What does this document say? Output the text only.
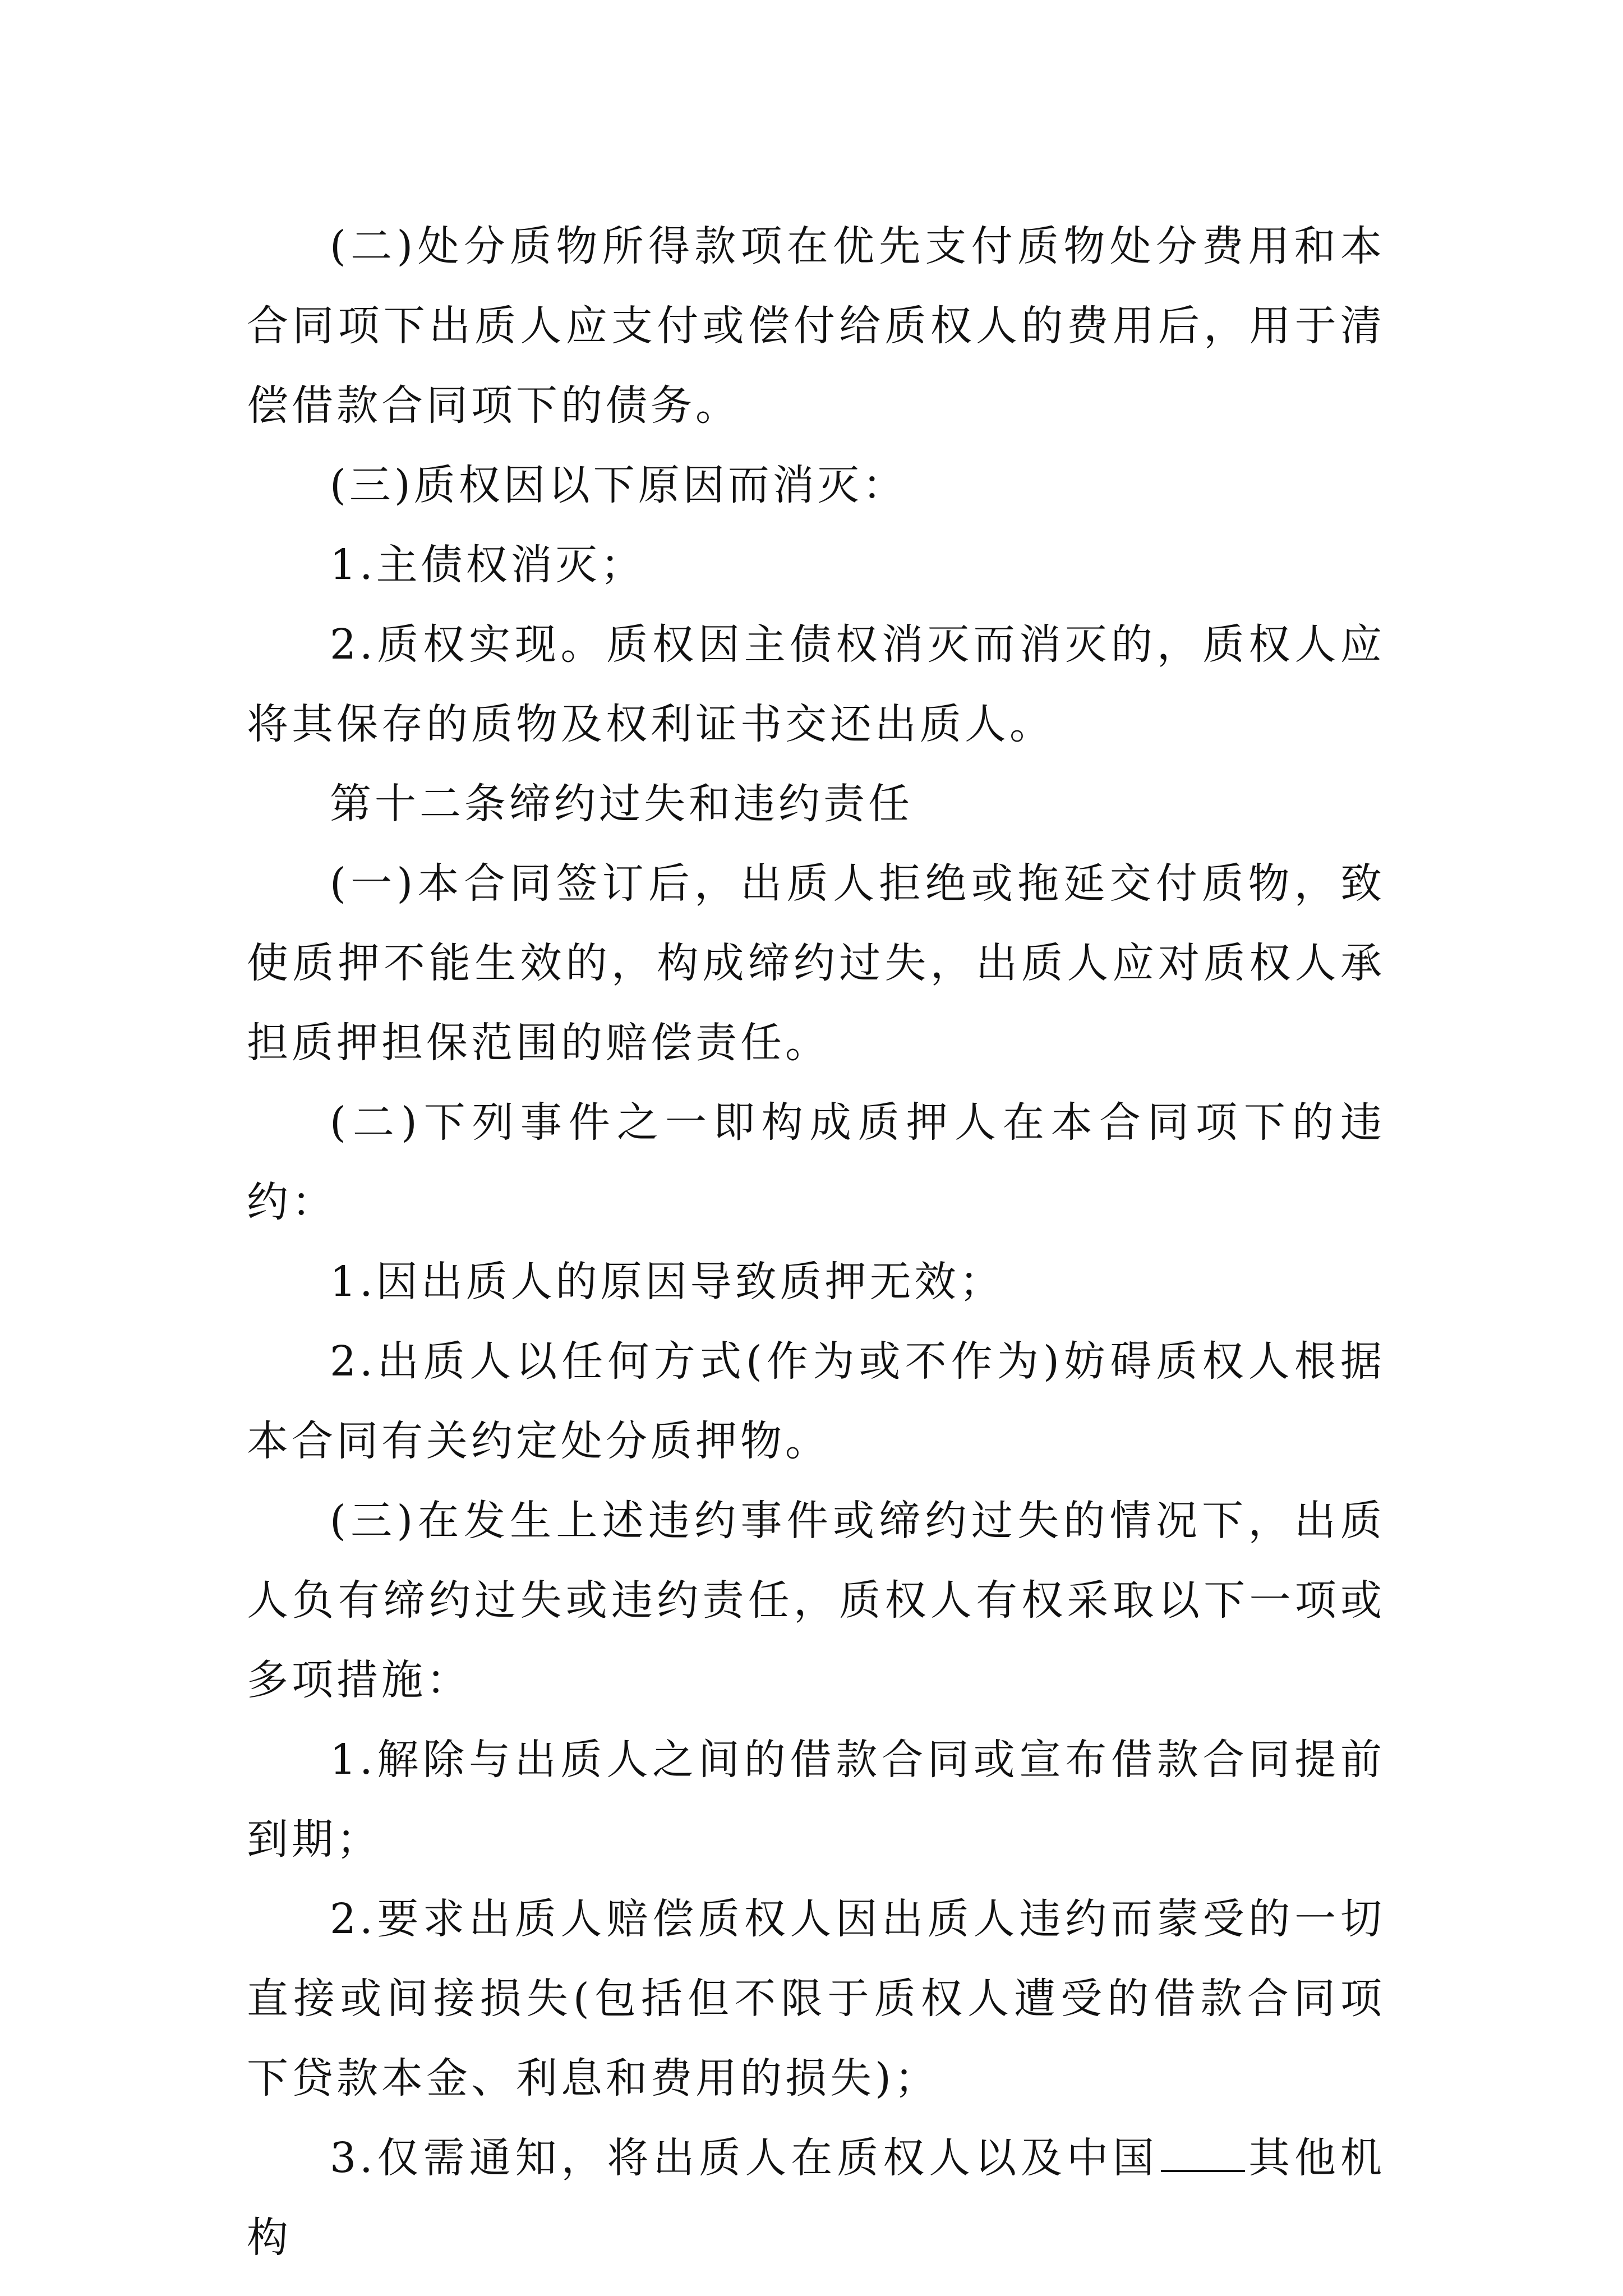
(二)处分质物所得款项在优先支付质物处分费用和本合同项下出质人应支付或偿付给质权人的费用后，用于清偿借款合同项下的债务。

(三)质权因以下原因而消灭：

1.主债权消灭；

2.质权实现。质权因主债权消灭而消灭的，质权人应将其保存的质物及权利证书交还出质人。

第十二条缔约过失和违约责任

(一)本合同签订后，出质人拒绝或拖延交付质物，致使质押不能生效的，构成缔约过失，出质人应对质权人承担质押担保范围的赔偿责任。

(二)下列事件之一即构成质押人在本合同项下的违约：

1.因出质人的原因导致质押无效；

2.出质人以任何方式(作为或不作为)妨碍质权人根据本合同有关约定处分质押物。

(三)在发生上述违约事件或缔约过失的情况下，出质人负有缔约过失或违约责任，质权人有权采取以下一项或多项措施：

1.解除与出质人之间的借款合同或宣布借款合同提前到期；

2.要求出质人赔偿质权人因出质人违约而蒙受的一切直接或间接损失(包括但不限于质权人遭受的借款合同项下贷款本金、利息和费用的损失)；

3.仅需通知，将出质人在质权人以及中国 其他机构
